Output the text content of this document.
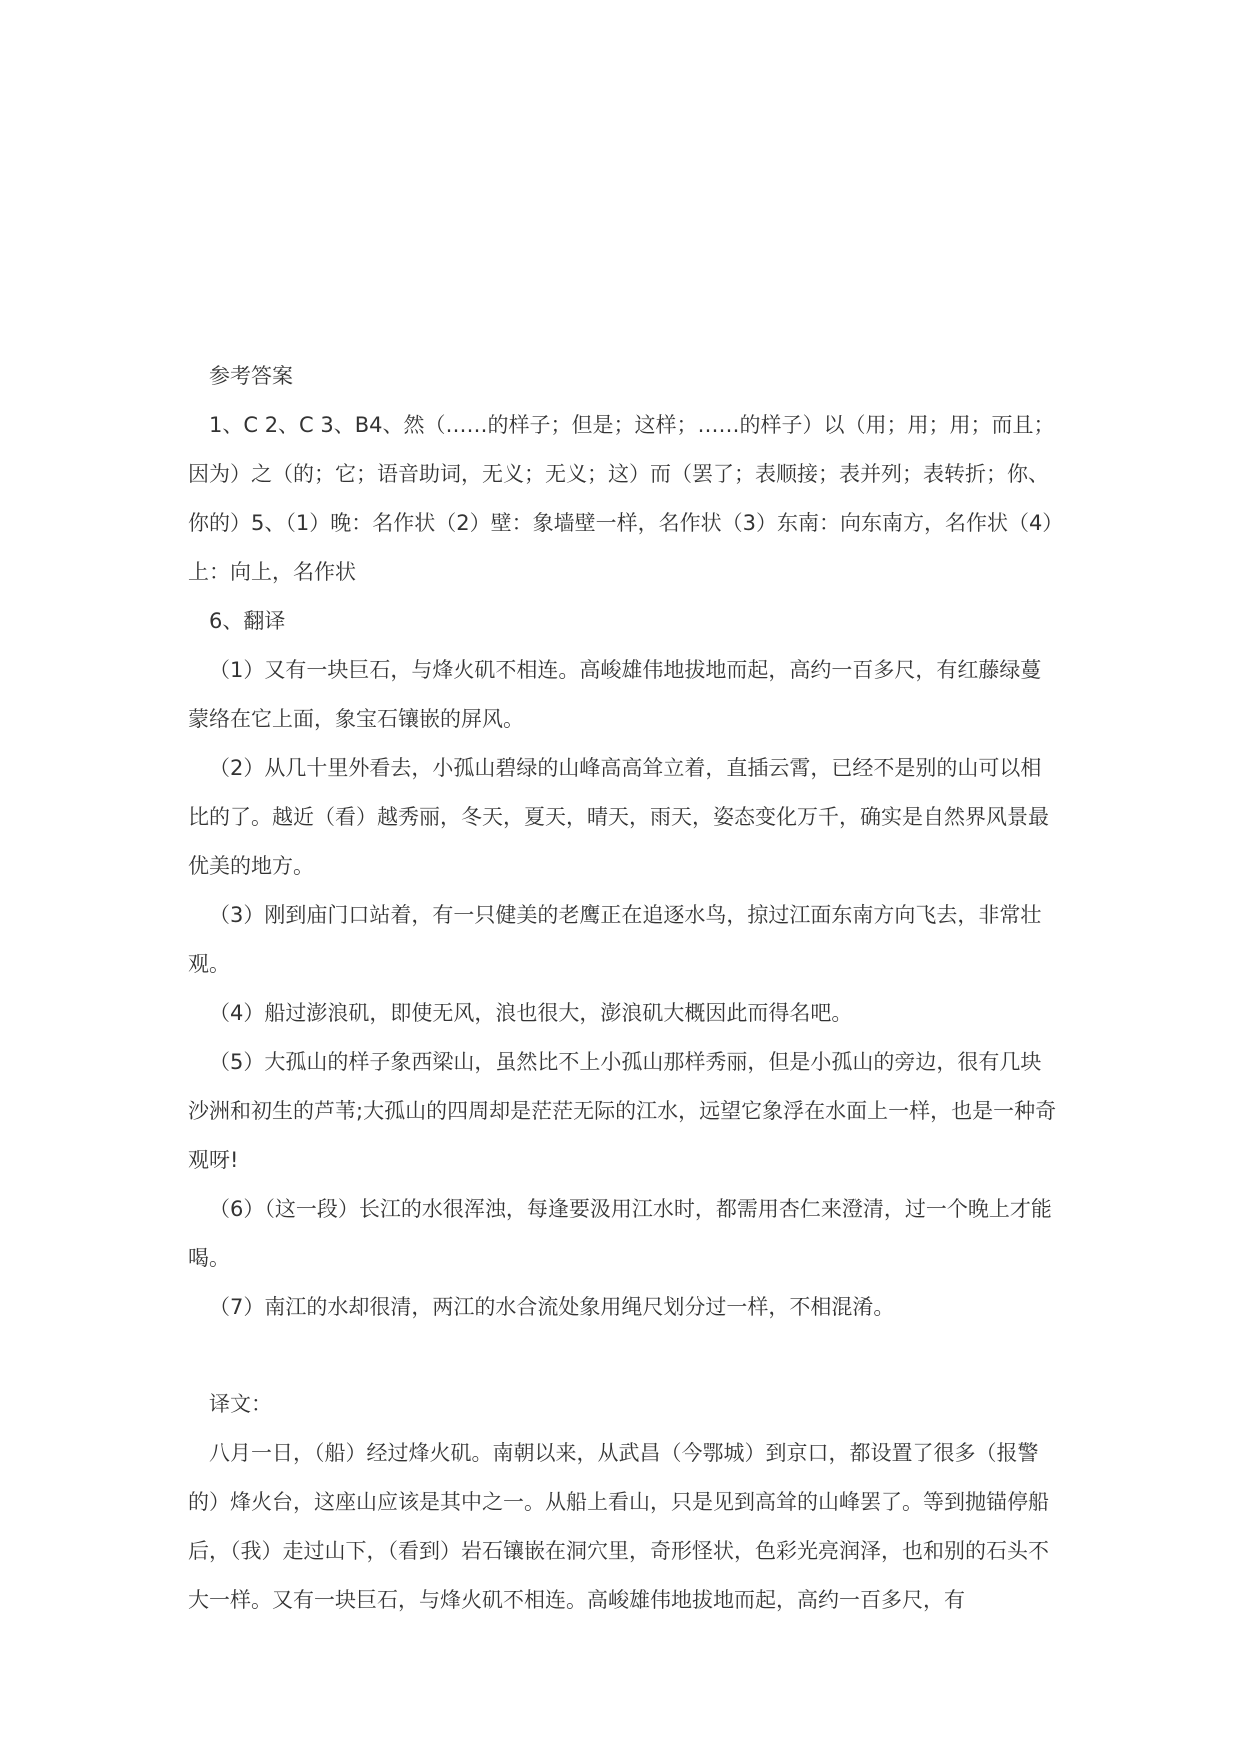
参考答案

1、C 2、C 3、B4、然（……的样子；但是；这样；……的样子）以（用；用；用；而且；因为）之（的；它；语音助词，无义；无义；这）而（罢了；表顺接；表并列；表转折；你、你的）5、（1）晚：名作状（2）壁：象墙壁一样，名作状（3）东南：向东南方，名作状（4）上：向上，名作状

6、翻译

（1）又有一块巨石，与烽火矶不相连。高峻雄伟地拔地而起，高约一百多尺，有红藤绿蔓蒙络在它上面，象宝石镶嵌的屏风。

（2）从几十里外看去，小孤山碧绿的山峰高高耸立着，直插云霄，已经不是别的山可以相比的了。越近（看）越秀丽，冬天，夏天，晴天，雨天，姿态变化万千，确实是自然界风景最优美的地方。

（3）刚到庙门口站着，有一只健美的老鹰正在追逐水鸟，掠过江面东南方向飞去，非常壮观。

（4）船过澎浪矶，即使无风，浪也很大，澎浪矶大概因此而得名吧。

（5）大孤山的样子象西梁山，虽然比不上小孤山那样秀丽，但是小孤山的旁边，很有几块沙洲和初生的芦苇;大孤山的四周却是茫茫无际的江水，远望它象浮在水面上一样，也是一种奇观呀!

（6）（这一段）长江的水很浑浊，每逢要汲用江水时，都需用杏仁来澄清，过一个晚上才能喝。

（7）南江的水却很清，两江的水合流处象用绳尺划分过一样，不相混淆。

译文：

八月一日，（船）经过烽火矶。南朝以来，从武昌（今鄂城）到京口，都设置了很多（报警的）烽火台，这座山应该是其中之一。从船上看山，只是见到高耸的山峰罢了。等到抛锚停船后，（我）走过山下，（看到）岩石镶嵌在洞穴里，奇形怪状，色彩光亮润泽，也和别的石头不大一样。又有一块巨石，与烽火矶不相连。高峻雄伟地拔地而起，高约一百多尺，有
